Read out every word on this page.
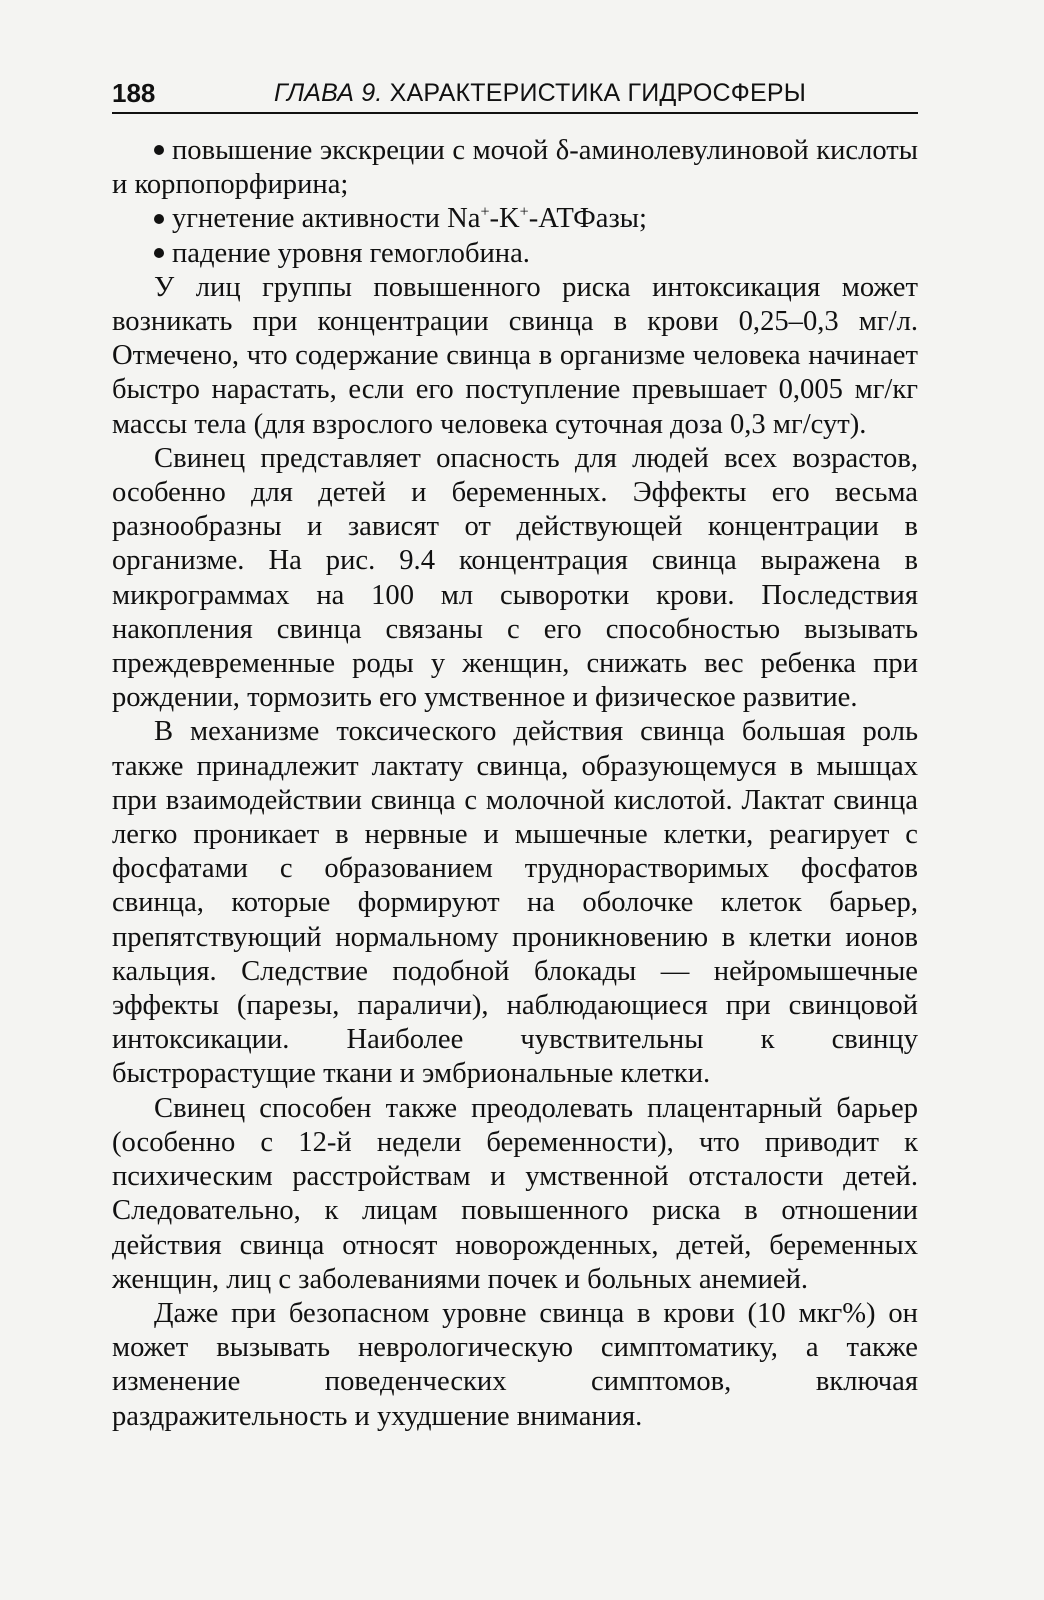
188	ГЛАВА 9. ХАРАКТЕРИСТИКА ГИДРОСФЕРЫ

повышение экскреции с мочой δ-аминолевулиновой кислоты и корпопорфирина;

угнетение активности Na+-K+-АТФазы;

падение уровня гемоглобина.

У лиц группы повышенного риска интоксикация может возникать при концентрации свинца в крови 0,25–0,3 мг/л. Отмечено, что содержание свинца в организме человека начинает быстро нарастать, если его поступление превышает 0,005 мг/кг массы тела (для взрослого человека суточная доза 0,3 мг/сут).

Свинец представляет опасность для людей всех возрастов, особенно для детей и беременных. Эффекты его весьма разнообразны и зависят от действующей концентрации в организме. На рис. 9.4 концентрация свинца выражена в микрограммах на 100 мл сыворотки крови. Последствия накопления свинца связаны с его способностью вызывать преждевременные роды у женщин, снижать вес ребенка при рождении, тормозить его умственное и физическое развитие.

В механизме токсического действия свинца большая роль также принадлежит лактату свинца, образующемуся в мышцах при взаимодействии свинца с молочной кислотой. Лактат свинца легко проникает в нервные и мышечные клетки, реагирует с фосфатами с образованием труднорастворимых фосфатов свинца, которые формируют на оболочке клеток барьер, препятствующий нормальному проникновению в клетки ионов кальция. Следствие подобной блокады — нейромышечные эффекты (парезы, параличи), наблюдающиеся при свинцовой интоксикации. Наиболее чувствительны к свинцу быстрорастущие ткани и эмбриональные клетки.

Свинец способен также преодолевать плацентарный барьер (особенно с 12-й недели беременности), что приводит к психическим расстройствам и умственной отсталости детей. Следовательно, к лицам повышенного риска в отношении действия свинца относят новорожденных, детей, беременных женщин, лиц с заболеваниями почек и больных анемией.

Даже при безопасном уровне свинца в крови (10 мкг%) он может вызывать неврологическую симптоматику, а также изменение поведенческих симптомов, включая раздражительность и ухудшение внимания.
